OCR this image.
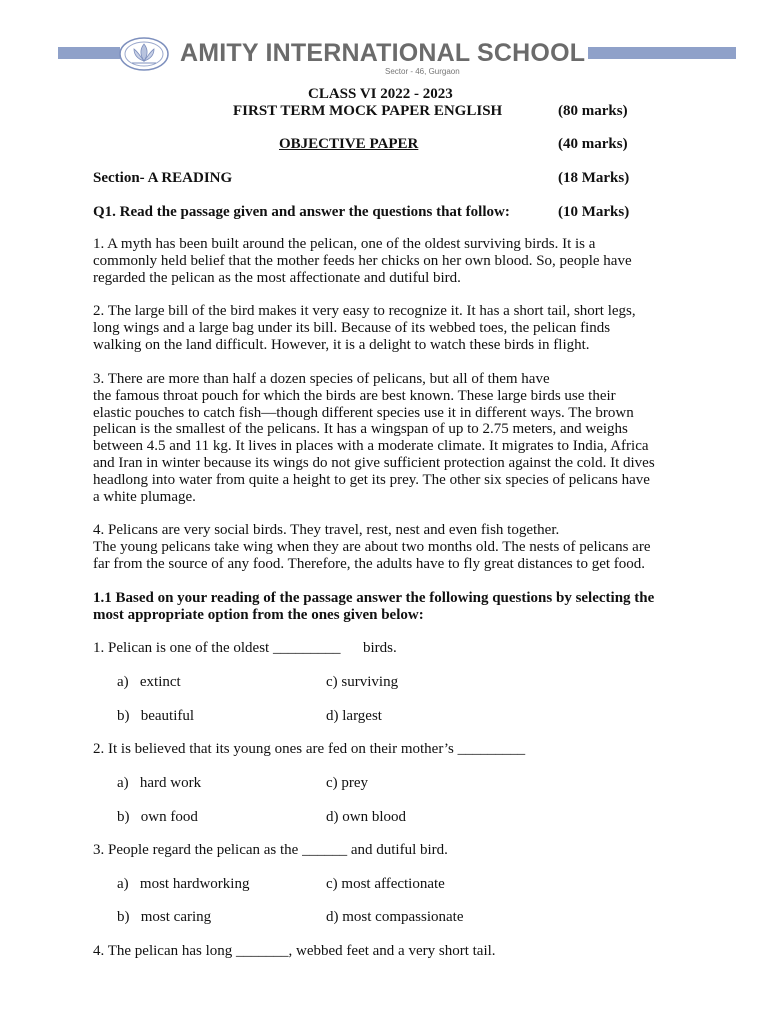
AMITY INTERNATIONAL SCHOOL
Sector - 46, Gurgaon
CLASS VI 2022 - 2023
FIRST TERM MOCK PAPER ENGLISH	(80 marks)
OBJECTIVE PAPER	(40 marks)
Section- A READING	(18 Marks)
Q1. Read the passage given and answer the questions that follow:	(10 Marks)

1. A myth has been built around the pelican, one of the oldest surviving birds. It is a

commonly held belief that the mother feeds her chicks on her own blood. So, people have

regarded the pelican as the most affectionate and dutiful bird.

2. The large bill of the bird makes it very easy to recognize it. It has a short tail, short legs,

long wings and a large bag under its bill. Because of its webbed toes, the pelican finds

walking on the land difficult. However, it is a delight to watch these birds in flight.

3. There are more than half a dozen species of pelicans, but all of them have

the famous throat pouch for which the birds are best known. These large birds use their

elastic pouches to catch fish—though different species use it in different ways. The brown

pelican is the smallest of the pelicans. It has a wingspan of up to 2.75 meters, and weighs

between 4.5 and 11 kg. It lives in places with a moderate climate. It migrates to India, Africa

and Iran in winter because its wings do not give sufficient protection against the cold. It dives

headlong into water from quite a height to get its prey. The other six species of pelicans have

a white plumage.

4. Pelicans are very social birds. They travel, rest, nest and even fish together.

The young pelicans take wing when they are about two months old. The nests of pelicans are

far from the source of any food. Therefore, the adults have to fly great distances to get food.

1.1 Based on your reading of the passage answer the following questions by selecting the
most appropriate option from the ones given below:
1. Pelican is one of the oldest _________      birds.
a)   extinct	c) surviving
b)   beautiful	d) largest
2. It is believed that its young ones are fed on their mother’s _________
a)   hard work	c) prey
b)   own food	d) own blood
3. People regard the pelican as the ______ and dutiful bird.
a)   most hardworking	c) most affectionate
b)   most caring	d) most compassionate
4. The pelican has long _______, webbed feet and a very short tail.
